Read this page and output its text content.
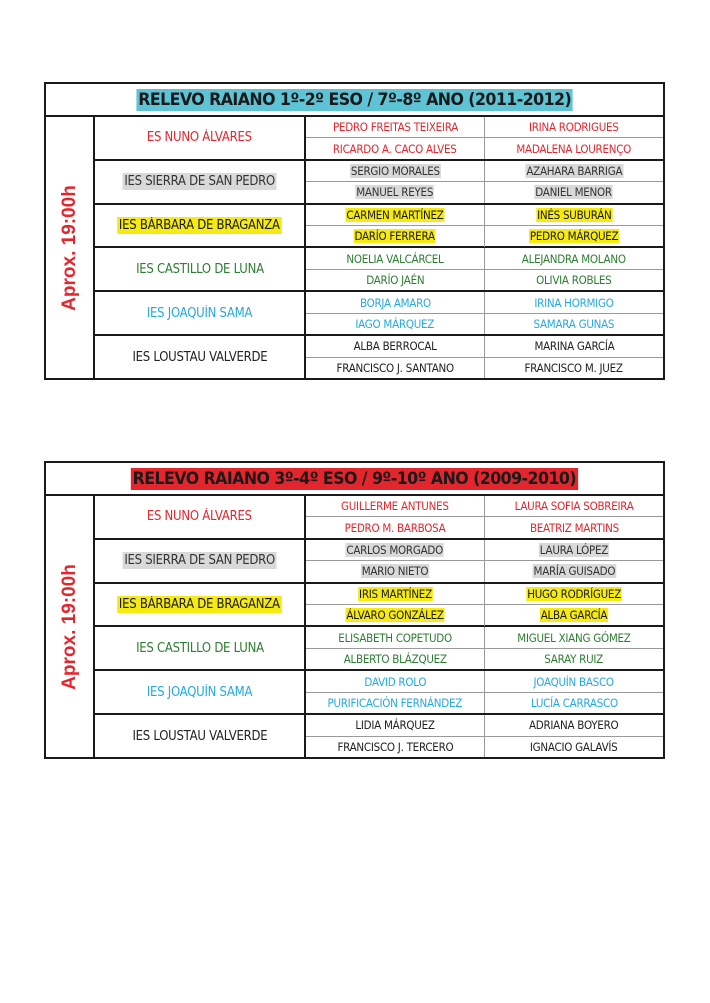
RELEVO RAIANO 1º-2º ESO / 7º-8º ANO (2011-2012)
Aprox. 19:00h
ES NUNO ÁLVARES
PEDRO FREITAS TEIXEIRA	IRINA RODRIGUES
RICARDO A. CACO ALVES	MADALENA LOURENÇO
IES SIERRA DE SAN PEDRO
SERGIO MORALES	AZAHARA BARRIGA
MANUEL REYES	DANIEL MENOR
IES BÁRBARA DE BRAGANZA
CARMEN MARTÍNEZ	INÉS SUBURÁN
DARÍO FERRERA	PEDRO MÁRQUEZ
IES CASTILLO DE LUNA
NOELIA VALCÁRCEL	ALEJANDRA MOLANO
DARÍO JAÉN	OLIVIA ROBLES
IES JOAQUÍN SAMA
BORJA AMARO	IRINA HORMIGO
IAGO MÁRQUEZ	SAMARA GUNAS
IES LOUSTAU VALVERDE
ALBA BERROCAL	MARINA GARCÍA
FRANCISCO J. SANTANO	FRANCISCO M. JUEZ
RELEVO RAIANO 3º-4º ESO / 9º-10º ANO (2009-2010)
Aprox. 19:00h
ES NUNO ÁLVARES
GUILLERME ANTUNES	LAURA SOFIA SOBREIRA
PEDRO M. BARBOSA	BEATRIZ MARTINS
IES SIERRA DE SAN PEDRO
CARLOS MORGADO	LAURA LÓPEZ
MARIO NIETO	MARÍA GUISADO
IES BÁRBARA DE BRAGANZA
IRIS MARTÍNEZ	HUGO RODRÍGUEZ
ÁLVARO GONZÁLEZ	ALBA GARCÍA
IES CASTILLO DE LUNA
ELISABETH COPETUDO	MIGUEL XIANG GÓMEZ
ALBERTO BLÁZQUEZ	SARAY RUIZ
IES JOAQUÍN SAMA
DAVID ROLO	JOAQUÍN BASCO
PURIFICACIÓN FERNÁNDEZ	LUCÍA CARRASCO
IES LOUSTAU VALVERDE
LIDIA MÁRQUEZ	ADRIANA BOYERO
FRANCISCO J. TERCERO	IGNACIO GALAVÍS
